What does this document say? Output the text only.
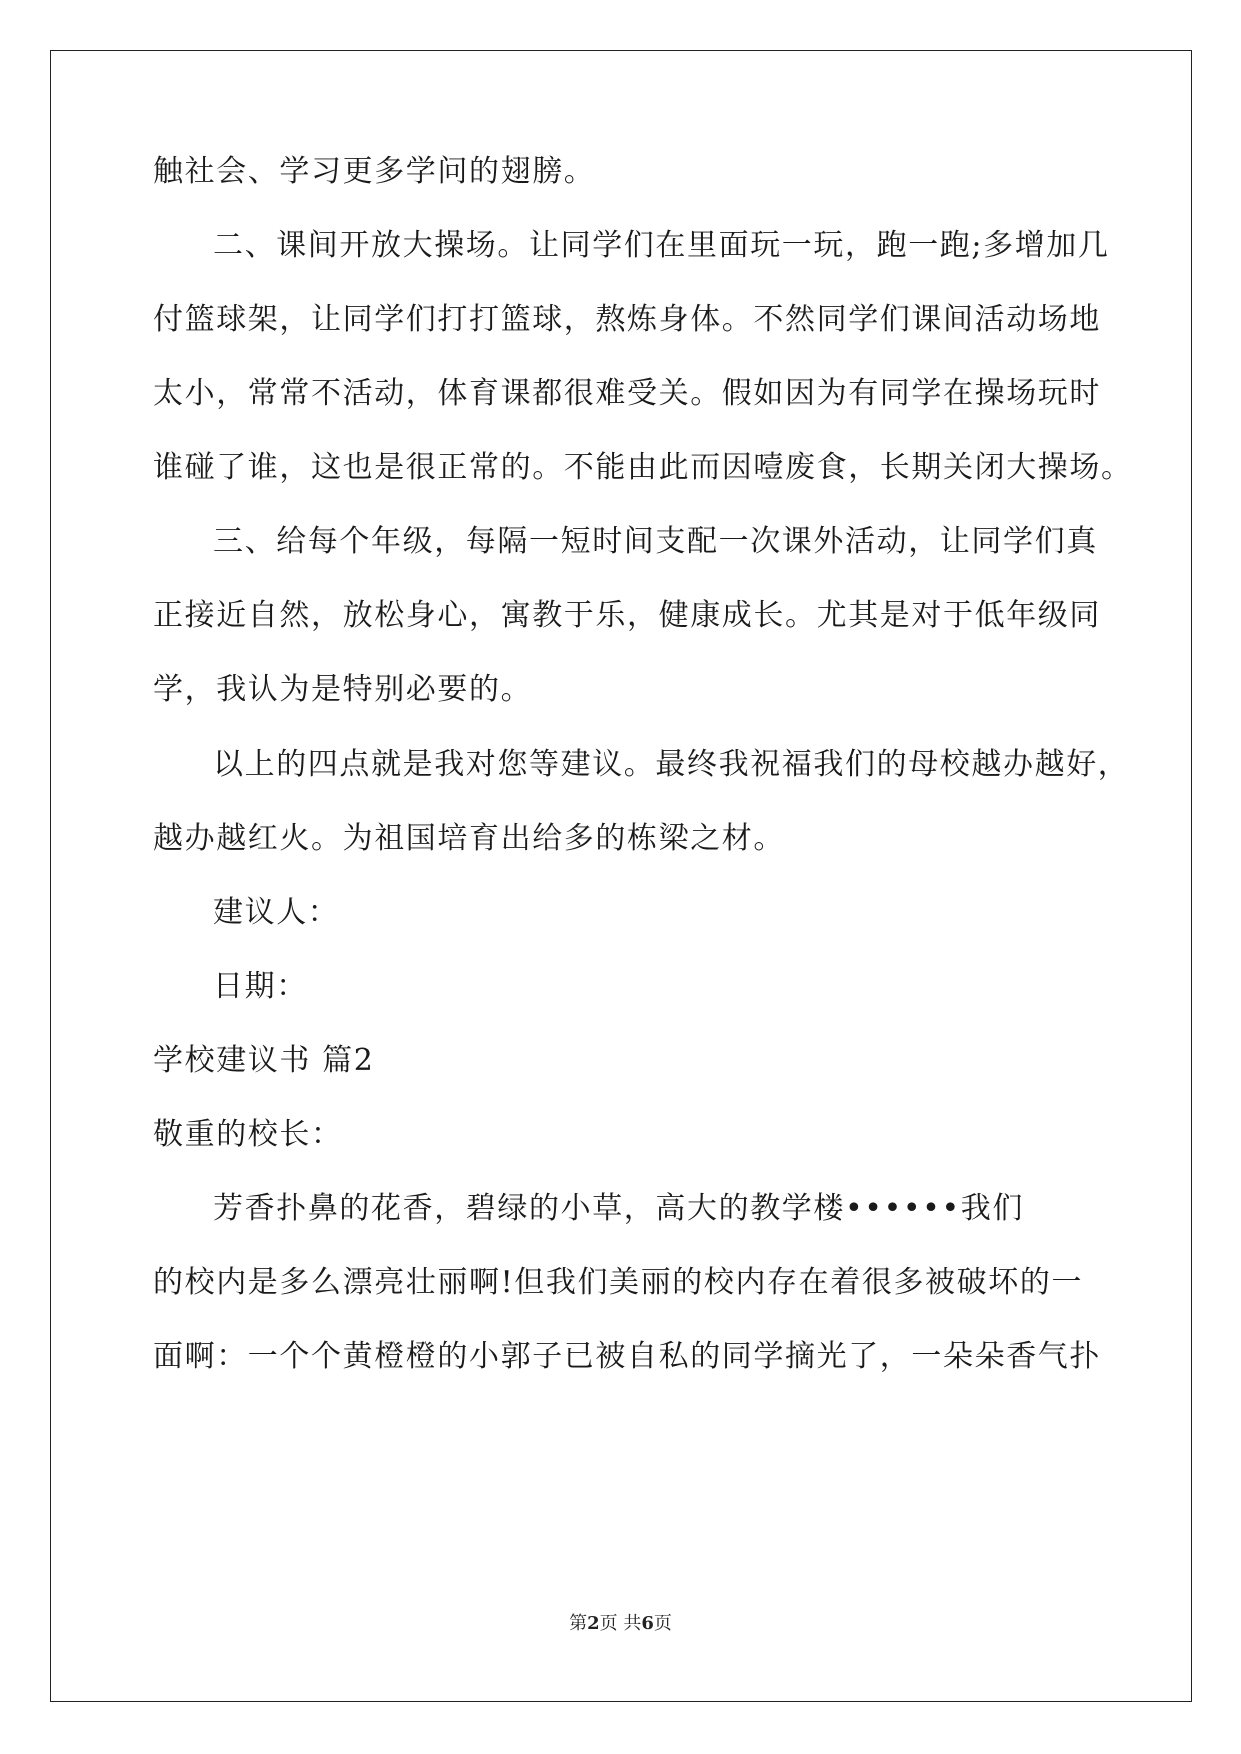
触社会、学习更多学问的翅膀。
二、课间开放大操场。让同学们在里面玩一玩，跑一跑;多增加几
付篮球架，让同学们打打篮球，熬炼身体。不然同学们课间活动场地
太小，常常不活动，体育课都很难受关。假如因为有同学在操场玩时
谁碰了谁，这也是很正常的。不能由此而因噎废食，长期关闭大操场。
三、给每个年级，每隔一短时间支配一次课外活动，让同学们真
正接近自然，放松身心，寓教于乐，健康成长。尤其是对于低年级同
学，我认为是特别必要的。
以上的四点就是我对您等建议。最终我祝福我们的母校越办越好，
越办越红火。为祖国培育出给多的栋梁之材。
建议人：
日期：
学校建议书 篇2
敬重的校长：
芳香扑鼻的花香，碧绿的小草，高大的教学楼••••••我们
的校内是多么漂亮壮丽啊!但我们美丽的校内存在着很多被破坏的一
面啊：一个个黄橙橙的小郭子已被自私的同学摘光了，一朵朵香气扑
第2页 共6页
